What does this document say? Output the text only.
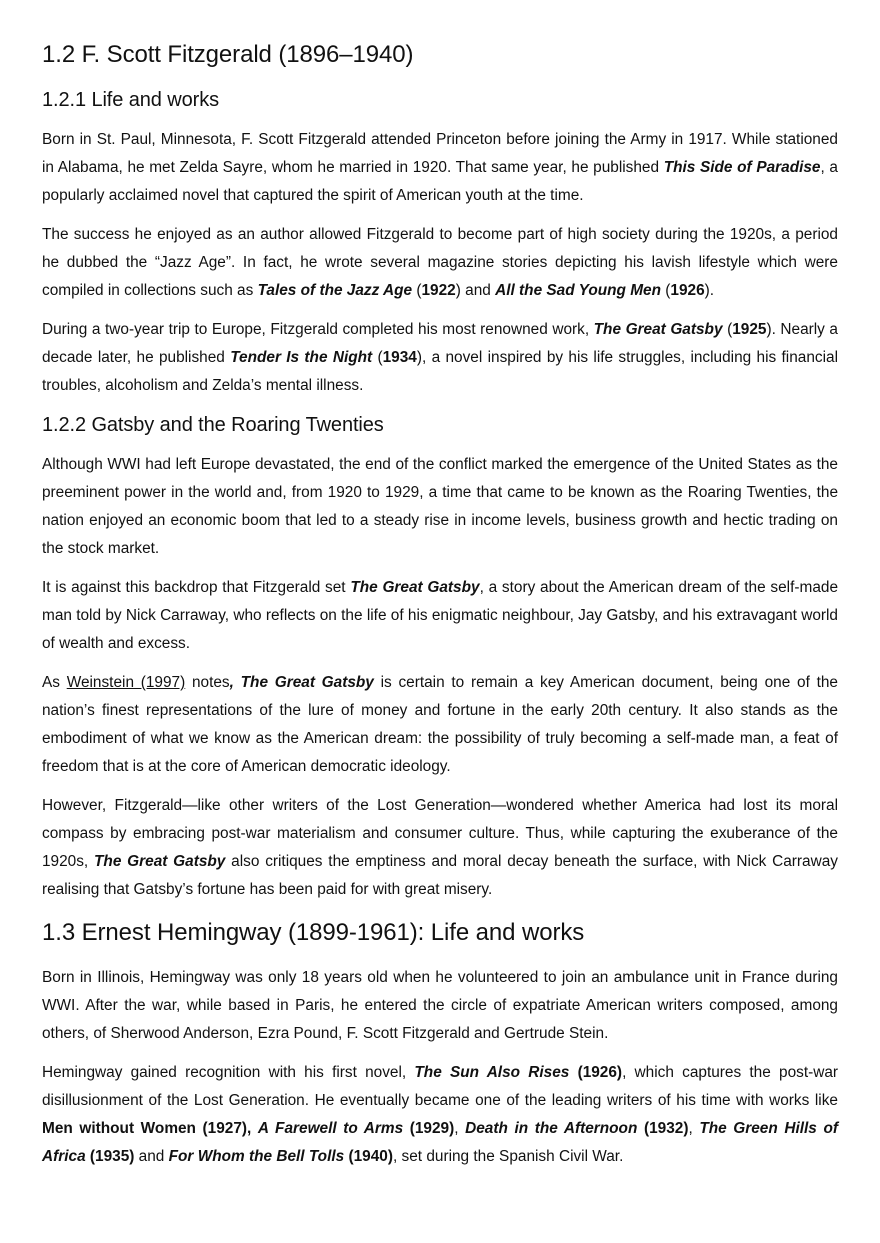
1.2 F. Scott Fitzgerald (1896–1940)
1.2.1 Life and works

Born in St. Paul, Minnesota, F. Scott Fitzgerald attended Princeton before joining the Army in 1917. While stationed in Alabama, he met Zelda Sayre, whom he married in 1920. That same year, he published This Side of Paradise, a popularly acclaimed novel that captured the spirit of American youth at the time.

The success he enjoyed as an author allowed Fitzgerald to become part of high society during the 1920s, a period he dubbed the “Jazz Age”. In fact, he wrote several magazine stories depicting his lavish lifestyle which were compiled in collections such as Tales of the Jazz Age (1922) and All the Sad Young Men (1926).

During a two-year trip to Europe, Fitzgerald completed his most renowned work, The Great Gatsby (1925). Nearly a decade later, he published Tender Is the Night (1934), a novel inspired by his life struggles, including his financial troubles, alcoholism and Zelda’s mental illness.

1.2.2 Gatsby and the Roaring Twenties

Although WWI had left Europe devastated, the end of the conflict marked the emergence of the United States as the preeminent power in the world and, from 1920 to 1929, a time that came to be known as the Roaring Twenties, the nation enjoyed an economic boom that led to a steady rise in income levels, business growth and hectic trading on the stock market.

It is against this backdrop that Fitzgerald set The Great Gatsby, a story about the American dream of the self-made man told by Nick Carraway, who reflects on the life of his enigmatic neighbour, Jay Gatsby, and his extravagant world of wealth and excess.

As Weinstein (1997) notes, The Great Gatsby is certain to remain a key American document, being one of the nation’s finest representations of the lure of money and fortune in the early 20th century. It also stands as the embodiment of what we know as the American dream: the possibility of truly becoming a self-made man, a feat of freedom that is at the core of American democratic ideology.

However, Fitzgerald—like other writers of the Lost Generation—wondered whether America had lost its moral compass by embracing post-war materialism and consumer culture. Thus, while capturing the exuberance of the 1920s, The Great Gatsby also critiques the emptiness and moral decay beneath the surface, with Nick Carraway realising that Gatsby’s fortune has been paid for with great misery.

1.3 Ernest Hemingway (1899-1961): Life and works

Born in Illinois, Hemingway was only 18 years old when he volunteered to join an ambulance unit in France during WWI. After the war, while based in Paris, he entered the circle of expatriate American writers composed, among others, of Sherwood Anderson, Ezra Pound, F. Scott Fitzgerald and Gertrude Stein.

Hemingway gained recognition with his first novel, The Sun Also Rises (1926), which captures the post-war disillusionment of the Lost Generation. He eventually became one of the leading writers of his time with works like Men without Women (1927), A Farewell to Arms (1929), Death in the Afternoon (1932), The Green Hills of Africa (1935) and For Whom the Bell Tolls (1940), set during the Spanish Civil War.
